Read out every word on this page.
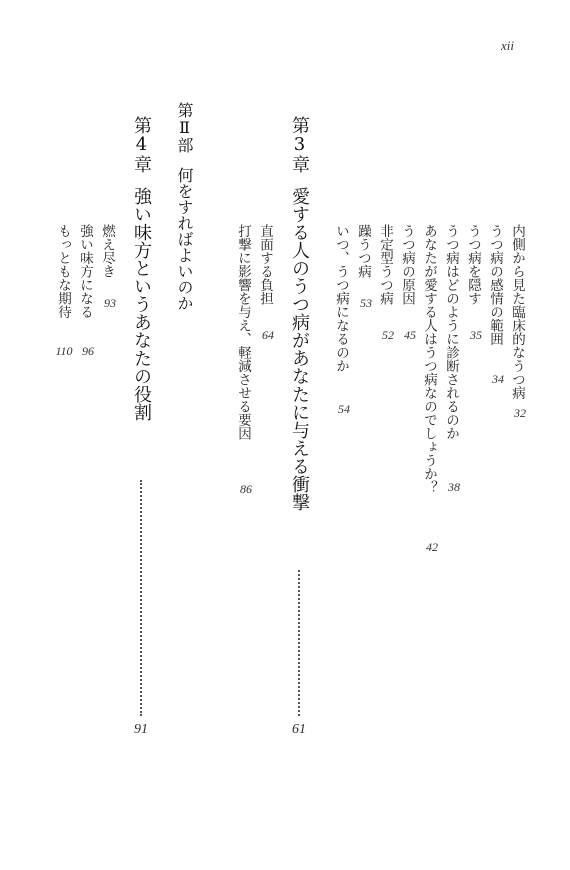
xii
内側から見た臨床的なうつ病
32
うつ病の感情の範囲
34
うつ病を隠す
35
うつ病はどのように診断されるのか
38
あなたが愛する人はうつ病なのでしょうか？
42
うつ病の原因
45
非定型うつ病
52
躁うつ病
53
いつ、うつ病になるのか
54
第3章愛する人のうつ病があなたに与える衝撃
61
直面する負担
64
打撃に影響を与え、軽減させる要因
86
第Ⅱ部何をすればよいのか
第4章強い味方というあなたの役割
91
燃え尽き
93
強い味方になる
96
もっともな期待
110
